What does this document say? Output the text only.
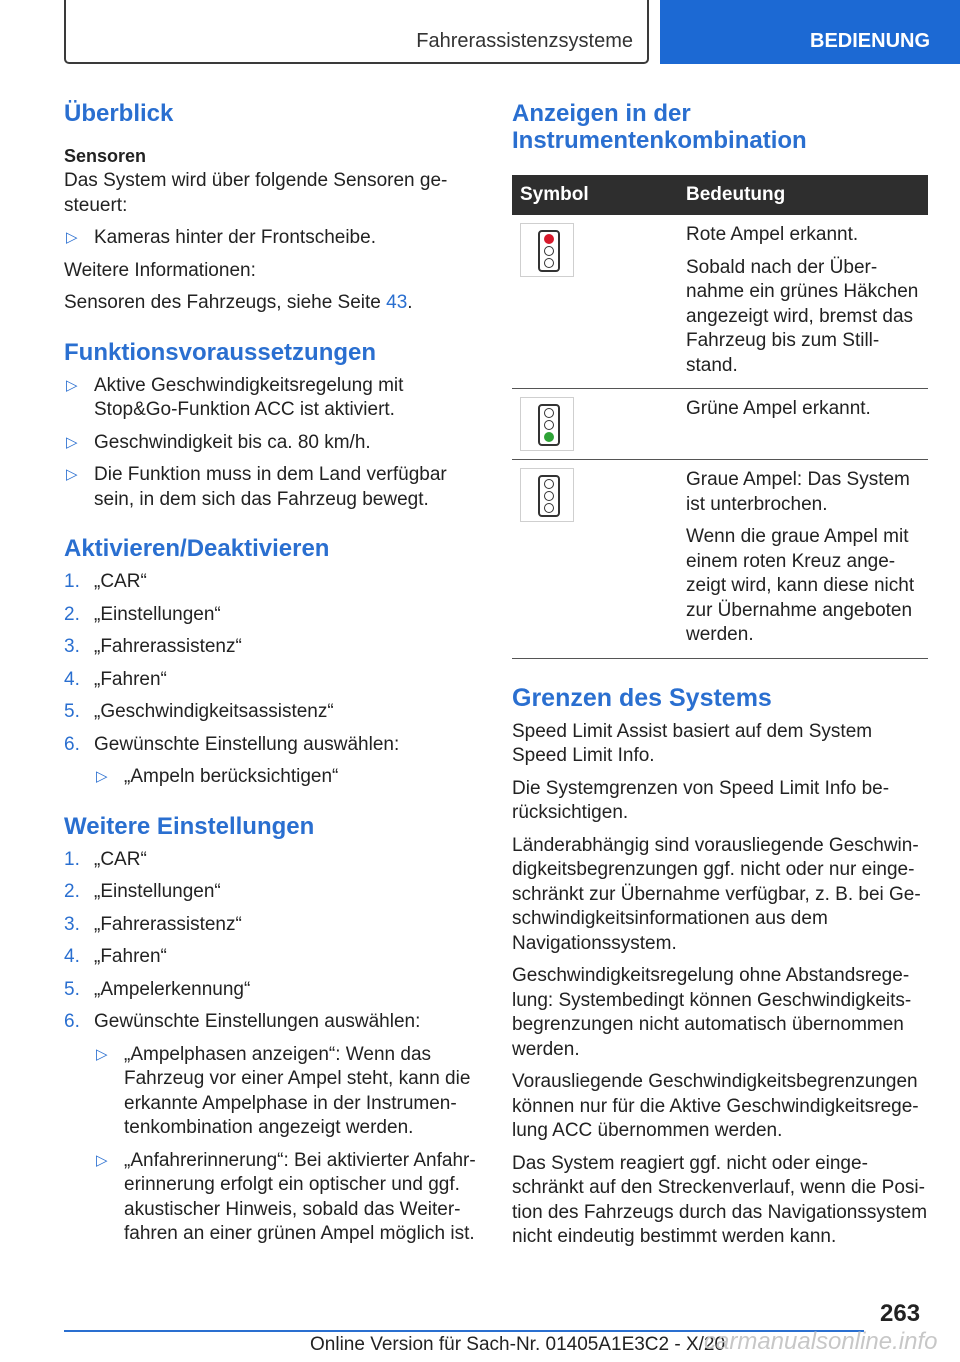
Fahrerassistenzsysteme	BEDIENUNG
Überblick
Sensoren

Das System wird über folgende Sensoren ge-steuert:

▷ Kameras hinter der Frontscheibe.

Weitere Informationen:

Sensoren des Fahrzeugs, siehe Seite 43.

Funktionsvoraussetzungen
▷ Aktive Geschwindigkeitsregelung mit Stop&Go-Funktion ACC ist aktiviert.
▷ Geschwindigkeit bis ca. 80 km/h.
▷ Die Funktion muss in dem Land verfügbar sein, in dem sich das Fahrzeug bewegt.
Aktivieren/Deaktivieren
1. „CAR“
2. „Einstellungen“
3. „Fahrerassistenz“
4. „Fahren“
5. „Geschwindigkeitsassistenz“
6. Gewünschte Einstellung auswählen:
▷ „Ampeln berücksichtigen“
Weitere Einstellungen
1. „CAR“
2. „Einstellungen“
3. „Fahrerassistenz“
4. „Fahren“
5. „Ampelerkennung“
6. Gewünschte Einstellungen auswählen:
▷ „Ampelphasen anzeigen“: Wenn das Fahrzeug vor einer Ampel steht, kann die erkannte Ampelphase in der Instrumen-tenkombination angezeigt werden.
▷ „Anfahrerinnerung“: Bei aktivierter Anfahr-erinnerung erfolgt ein optischer und ggf. akustischer Hinweis, sobald das Weiter-fahren an einer grünen Ampel möglich ist.
Anzeigen in der
Instrumentenkombination
Symbol	Bedeutung

Rote Ampel erkannt.

Sobald nach der Über-nahme ein grünes Häkchen angezeigt wird, bremst das Fahrzeug bis zum Still-stand.

Grüne Ampel erkannt.

Graue Ampel: Das System ist unterbrochen.

Wenn die graue Ampel mit einem roten Kreuz ange-zeigt wird, kann diese nicht zur Übernahme angeboten werden.

Grenzen des Systems

Speed Limit Assist basiert auf dem System Speed Limit Info.

Die Systemgrenzen von Speed Limit Info be-rücksichtigen.

Länderabhängig sind vorausliegende Geschwin-digkeitsbegrenzungen ggf. nicht oder nur einge-schränkt zur Übernahme verfügbar, z. B. bei Ge-schwindigkeitsinformationen aus dem Navigationssystem.

Geschwindigkeitsregelung ohne Abstandsrege-lung: Systembedingt können Geschwindigkeits-begrenzungen nicht automatisch übernommen werden.

Vorausliegende Geschwindigkeitsbegrenzungen können nur für die Aktive Geschwindigkeitsrege-lung ACC übernommen werden.

Das System reagiert ggf. nicht oder einge-schränkt auf den Streckenverlauf, wenn die Posi-tion des Fahrzeugs durch das Navigationssystem nicht eindeutig bestimmt werden kann.

263
Online Version für Sach-Nr. 01405A1E3C2 - X/20
carmanualsonline.info
